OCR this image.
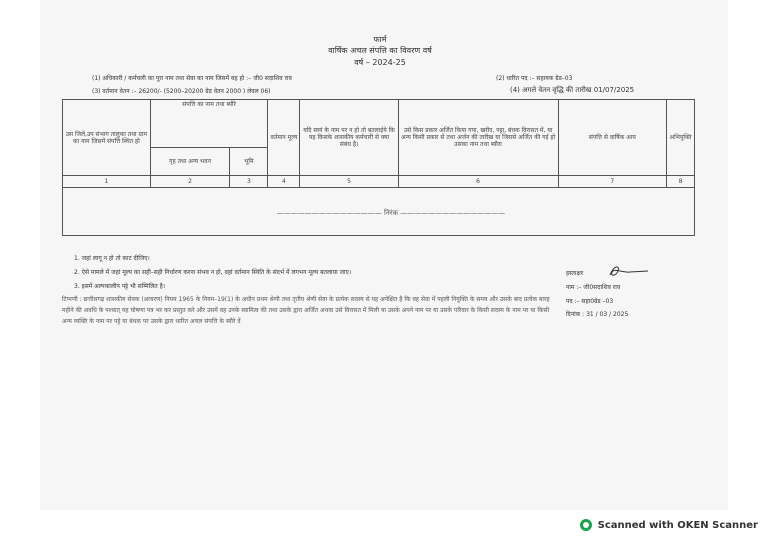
फार्म
वार्षिक अचल संपत्ति का विवरण वर्ष
वर्ष – 2024-25
(1) अधिकारी / कर्मचारी का पूरा नाम तथा सेवा का नाम जिसमें वह हो :– जी0 सदाशिव राव	(2) धारित पद :– सहायक ग्रेड–03
(3) वर्तमान वेतन :– 26200/- (5200–20200 ग्रेड वेतन 2000 ) लेवल 06)	(4) अगले वेतन वृद्धि की तारीख 01/07/2025
उस जिले,उप संभाग तालुका तथा ग्राम का नाम जिसमें संपत्ति स्थित हो	संपत्ति का नाम तथा ब्यौरे		वर्तमान मूल्य	यदि स्वयं के नाम पर न हो तो बतलाईये कि यह किसके शासकीय कर्मचारी से क्या संबंध है।	उसे किस प्रकार अर्जित किया गया, खरीद, पट्टा, बंधक विरासत में, या अन्य किसी प्रकार से तथा अर्जन की तारीख या जिससे अर्जित की गई हो उसका नाम तथा ब्यौरा	संपत्ति से वार्षिक आय	अभियुक्ति
	गृह तथा अन्य भवन	भूमि					
1	2	3	4	5	6	7	8

——————————————— निरंक ———————————————
1. जहां लागू न हो तो काट दीजिए।
2. ऐसे मामले में जहां मूल्य का सही–सही निर्धारण करना संभव न हो, वहां वर्तमान स्थिति के संदर्भ में लगभग मूल्य बतलाया जाए।
3. इसमें अल्पकालीन पट्टे भी सम्मिलित है।
टिप्पणी : छत्तीसगढ़ शासकीय सेवक (आचरण) नियम 1965 के नियम–19(1) के अधीन प्रथम श्रेणी तथा तृतीय श्रेणी सेवा के प्रत्येक सदस्य से यह अपेक्षित है कि वह सेवा में पहली नियुक्ति के समय और उसके बाद प्रत्येक बारह महीने की अवधि के पश्चात् यह घोषणा पत्र भर कर प्रस्तुत करे और उसमें वह उनके स्वामित्व की तथा उसके द्वारा अर्जित अथवा उसे विरासत में मिली या उसके अपने नाम पर या उसके परिवार के किसी सदस्य के नाम पर या किसी अन्य व्यक्ति के नाम पर पट्टे या बंधक पर उसके द्वारा धारित अचल संपत्ति के ब्यौरे दें
हस्ताक्षर
नाम :– जी0सदाशिव राव
पद :– सहा0ग्रेड –03
दिनांक : 31 / 03 / 2025
Scanned with OKEN Scanner
